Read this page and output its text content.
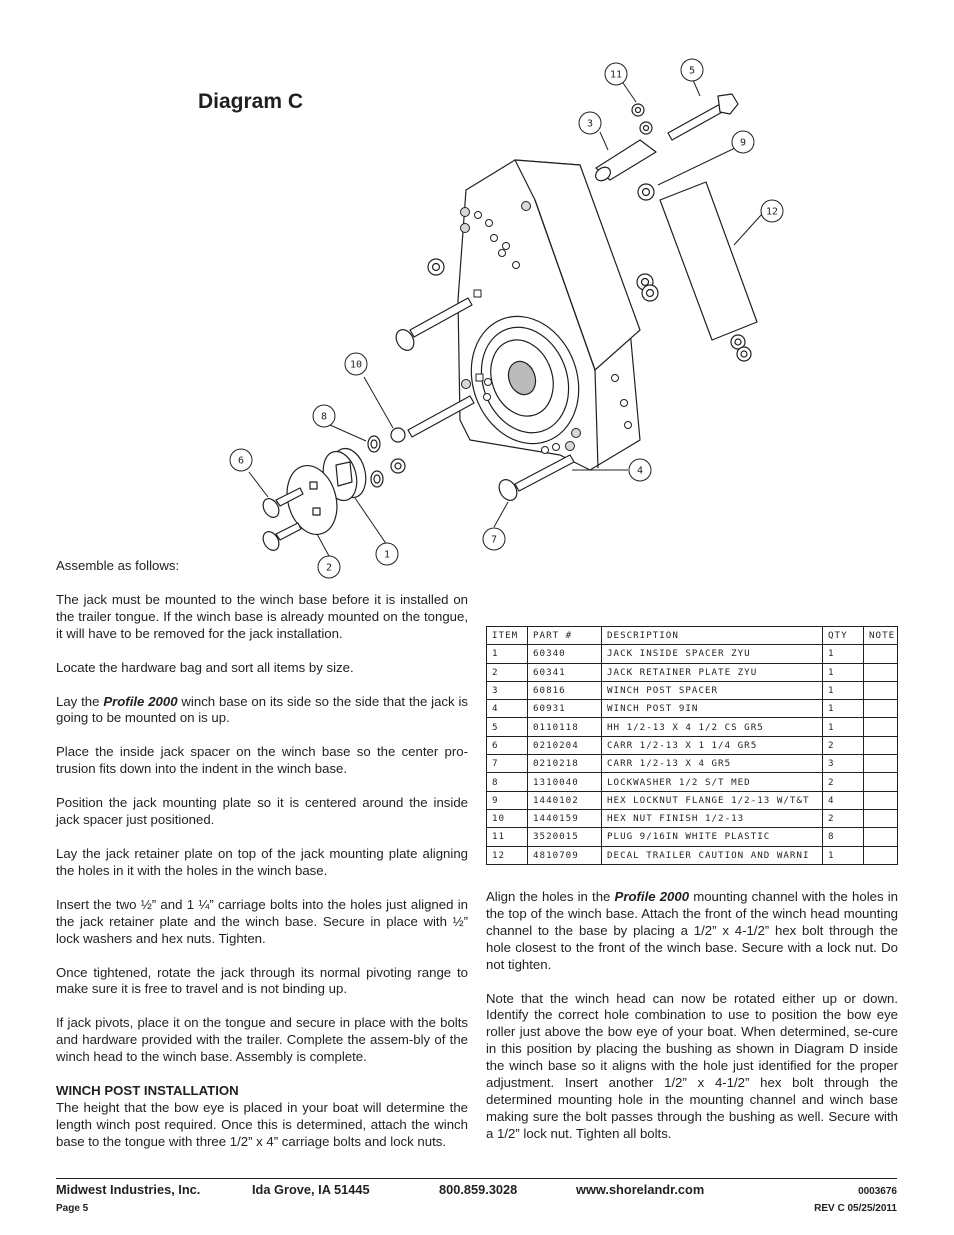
Diagram C
11	5
3
9
12
10
8
6
4
7
2
1

Assemble as follows:

The jack must be mounted to the winch base before it is installed on the trailer tongue. If the winch base is already mounted on the tongue, it will have to be removed for the jack installation.

Locate the hardware bag and sort all items by size.

Lay the Profile 2000 winch base on its side so the side that the jack is going to be mounted on is up.

Place the inside jack spacer on the winch base so the center pro-trusion fits down into the indent in the winch base.

Position the jack mounting plate so it is centered around the inside jack spacer just positioned.

Lay the jack retainer plate on top of the jack mounting plate aligning the holes in it with the holes in the winch base.

Insert the two ½” and 1 ¼” carriage bolts into the holes just aligned in the jack retainer plate and the winch base. Secure in place with ½” lock washers and hex nuts. Tighten.

Once tightened, rotate the jack through its normal pivoting range to make sure it is free to travel and is not binding up.

If jack pivots, place it on the tongue and secure in place with the bolts and hardware provided with the trailer. Complete the assem-bly of the winch head to the winch base. Assembly is complete.

WINCH POST INSTALLATION

The height that the bow eye is placed in your boat will determine the length winch post required. Once this is determined, attach the winch base to the tongue with three 1/2” x 4” carriage bolts and lock nuts.

ITEM	PART #	DESCRIPTION	QTY	NOTE
1	60340	JACK INSIDE SPACER ZYU	1	
2	60341	JACK RETAINER PLATE ZYU	1	
3	60816	WINCH POST SPACER	1	
4	60931	WINCH POST 9IN	1	
5	0110118	HH 1/2-13 X 4 1/2 CS GR5	1	
6	0210204	CARR 1/2-13 X 1 1/4 GR5	2	
7	0210218	CARR 1/2-13 X 4 GR5	3	
8	1310040	LOCKWASHER 1/2 S/T MED	2	
9	1440102	HEX LOCKNUT FLANGE 1/2-13 W/T&T	4	
10	1440159	HEX NUT FINISH 1/2-13	2	
11	3520015	PLUG 9/16IN WHITE PLASTIC	8	
12	4810709	DECAL TRAILER CAUTION AND WARNI	1	

Align the holes in the Profile 2000 mounting channel with the holes in the top of the winch base. Attach the front of the winch head mounting channel to the base by placing a 1/2” x 4-1/2” hex bolt through the hole closest to the front of the winch base. Secure with a lock nut. Do not tighten.

Note that the winch head can now be rotated either up or down. Identify the correct hole combination to use to position the bow eye roller just above the bow eye of your boat. When determined, se-cure in this position by placing the bushing as shown in Diagram D inside the winch base so it aligns with the hole just identified for the proper adjustment. Insert another 1/2” x 4-1/2” hex bolt through the determined mounting hole in the mounting channel and winch base making sure the bolt passes through the bushing as well. Secure with a 1/2” lock nut. Tighten all bolts.

Midwest Industries, Inc.	Ida Grove, IA 51445	800.859.3028	www.shorelandr.com	0003676
Page 5	REV C 05/25/2011
